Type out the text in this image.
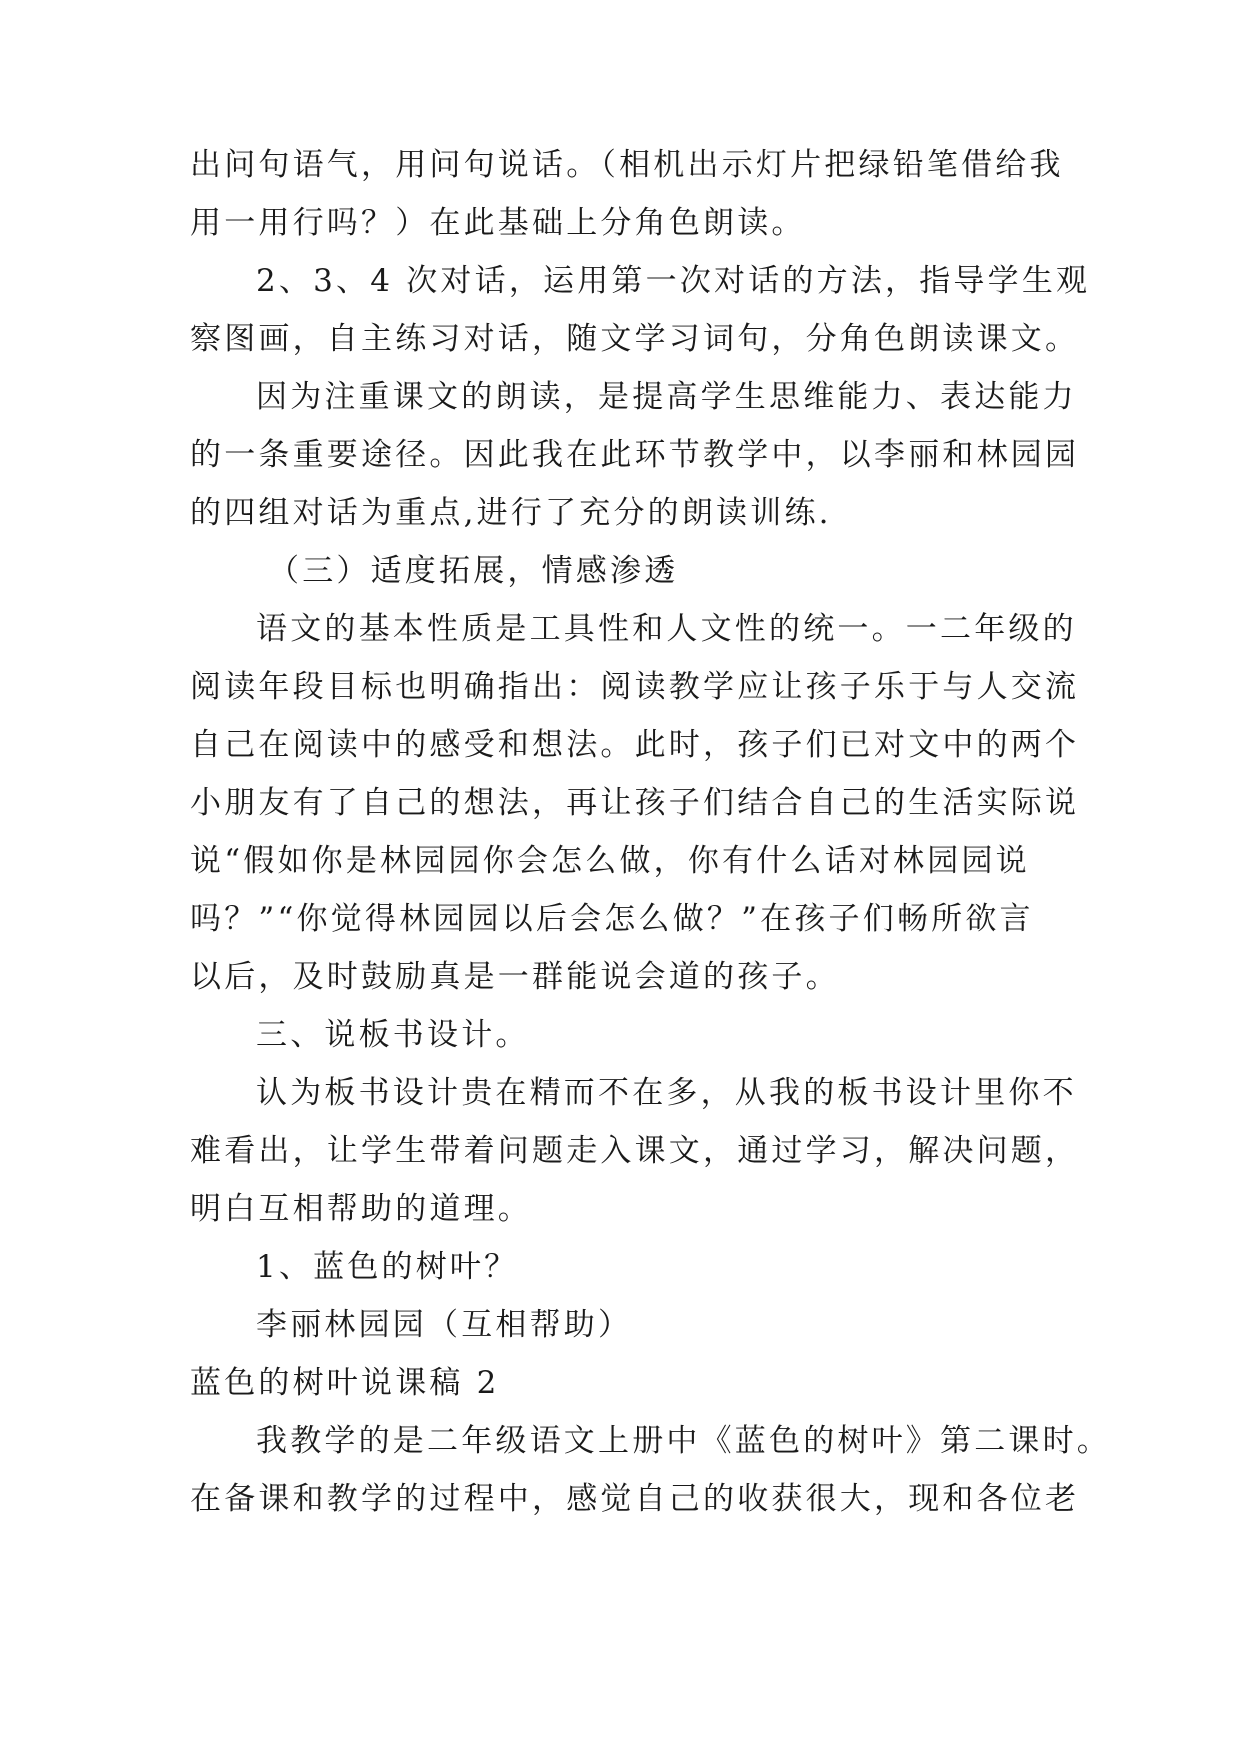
出问句语气，用问句说话。（相机出示灯片把绿铅笔借给我
用一用行吗？）在此基础上分角色朗读。
2、3、4 次对话，运用第一次对话的方法，指导学生观
察图画，自主练习对话，随文学习词句，分角色朗读课文。
因为注重课文的朗读，是提高学生思维能力、表达能力
的一条重要途径。因此我在此环节教学中，以李丽和林园园
的四组对话为重点,进行了充分的朗读训练.
（三）适度拓展，情感渗透
语文的基本性质是工具性和人文性的统一。一二年级的
阅读年段目标也明确指出：阅读教学应让孩子乐于与人交流
自己在阅读中的感受和想法。此时，孩子们已对文中的两个
小朋友有了自己的想法，再让孩子们结合自己的生活实际说
说“假如你是林园园你会怎么做，你有什么话对林园园说
吗？”“你觉得林园园以后会怎么做？”在孩子们畅所欲言
以后，及时鼓励真是一群能说会道的孩子。
三、说板书设计。
认为板书设计贵在精而不在多，从我的板书设计里你不
难看出，让学生带着问题走入课文，通过学习，解决问题，
明白互相帮助的道理。
1、蓝色的树叶？
李丽林园园（互相帮助）
蓝色的树叶说课稿 2
我教学的是二年级语文上册中《蓝色的树叶》第二课时。
在备课和教学的过程中，感觉自己的收获很大，现和各位老
